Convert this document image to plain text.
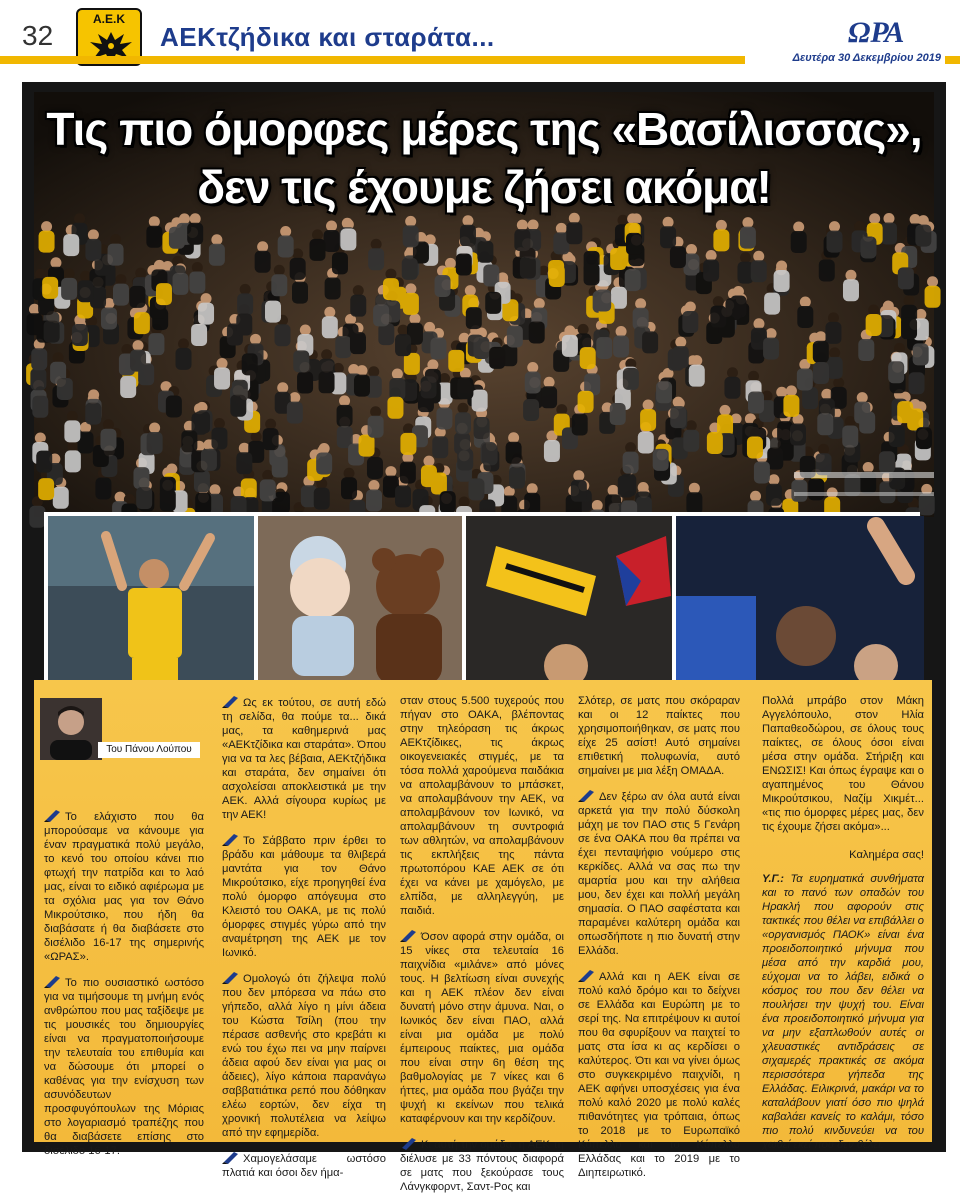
32
Α.Ε.Κ
ΑΕΚτζήδικα και σταράτα...	ΩΡΑ
Δευτέρα 30 Δεκεμβρίου 2019
Τις πιο όμορφες μέρες της «Βασίλισσας»,
δεν τις έχουμε ζήσει ακόμα!
Του Πάνου Λούπου

Το ελάχιστο που θα μπορούσαμε να κάνουμε για έναν πραγματικά πολύ μεγάλο, το κενό του οποίου κάνει πιο φτωχή την πατρίδα και το λαό μας, είναι το ειδικό αφιέρωμα με τα σχόλια μας για τον Θάνο Μικρούτσικο, που ήδη θα διαβάσατε ή θα διαβάσετε στο δισέλιδο 16-17 της σημερινής «ΩΡΑΣ».

Το πιο ουσιαστικό ωστόσο για να τιμήσουμε τη μνήμη ενός ανθρώπου που μας ταξίδεψε με τις μουσικές του δημιουργίες είναι να πραγματοποιήσουμε την τελευταία του επιθυμία και να δώσουμε ότι μπορεί ο καθένας για την ενίσχυση των ασυνόδευτων προσφυγόπουλων της Μόριας στο λογαριασμό τραπέζης που θα διαβάσετε επίσης στο δισέλιδο 16-17.

Ως εκ τούτου, σε αυτή εδώ τη σελίδα, θα πούμε τα... δικά μας, τα καθημερινά μας «ΑΕΚτζίδικα και σταράτα». Όπου για να τα λες βέβαια, ΑΕΚτζήδικα και σταράτα, δεν σημαίνει ότι ασχολείσαι αποκλειστικά με την ΑΕΚ. Αλλά σίγουρα κυρίως με την ΑΕΚ!

Το Σάββατο πριν έρθει το βράδυ και μάθουμε τα θλιβερά μαντάτα για τον Θάνο Μικρούτσικο, είχε προηγηθεί ένα πολύ όμορφο απόγευμα στο Κλειστό του ΟΑΚΑ, με τις πολύ όμορφες στιγμές γύρω από την αναμέτρηση της ΑΕΚ με τον Ιωνικό.

Ομολογώ ότι ζήλεψα πολύ που δεν μπόρεσα να πάω στο γήπεδο, αλλά λίγο η μίνι άδεια του Κώστα Τσίλη (που την πέρασε ασθενής στο κρεβάτι κι ενώ του έχω πει να μην παίρνει άδεια αφού δεν είναι για μας οι άδειες), λίγο κάποια παρανάγω σαββατιάτικα ρεπό που δόθηκαν ελέω εορτών, δεν είχα τη χρονική πολυτέλεια να λείψω από την εφημερίδα.

Χαμογελάσαμε ωστόσο πλατιά και όσοι δεν ήμα-

σταν στους 5.500 τυχερούς που πήγαν στο ΟΑΚΑ, βλέποντας στην τηλεόραση τις άκρως ΑΕΚτζίδικες, τις άκρως οικογενειακές στιγμές, με τα τόσα πολλά χαρούμενα παιδάκια να απολαμβάνουν το μπάσκετ, να απολαμβάνουν την ΑΕΚ, να απολαμβάνουν τον Ιωνικό, να απολαμβάνουν τη συντροφιά των αθλητών, να απολαμβάνουν τις εκπλήξεις της πάντα πρωτοπόρου ΚΑΕ ΑΕΚ σε ότι έχει να κάνει με χαμόγελο, με ελπίδα, με αλληλεγγύη, με παιδιά.

Όσον αφορά στην ομάδα, οι 15 νίκες στα τελευταία 16 παιχνίδια «μιλάνε» από μόνες τους. Η βελτίωση είναι συνεχής και η ΑΕΚ πλέον δεν είναι δυνατή μόνο στην άμυνα. Ναι, ο Ιωνικός δεν είναι ΠΑΟ, αλλά είναι μια ομάδα με πολύ έμπειρους παίκτες, μια ομάδα που είναι στην 6η θέση της βαθμολογίας με 7 νίκες και 6 ήττες, μια ομάδα που βγάζει την ψυχή κι εκείνων που τελικά καταφέρνουν και την κερδίζουν.

Κι αυτή την ομάδα, η ΑΕΚ τη διέλυσε με 33 πόντους διαφορά σε ματς που ξεκούρασε τους Λάνγκφορντ, Σαντ-Ρος και

Σλότερ, σε ματς που σκόραραν και οι 12 παίκτες που χρησιμοποιήθηκαν, σε ματς που είχε 25 ασίστ! Αυτό σημαίνει επιθετική πολυφωνία, αυτό σημαίνει με μια λέξη ΟΜΑΔΑ.

Δεν ξέρω αν όλα αυτά είναι αρκετά για την πολύ δύσκολη μάχη με τον ΠΑΟ στις 5 Γενάρη σε ένα ΟΑΚΑ που θα πρέπει να έχει πενταψήφιο νούμερο στις κερκίδες. Αλλά να σας πω την αμαρτία μου και την αλήθεια μου, δεν έχει και πολλή μεγάλη σημασία. Ο ΠΑΟ σαφέστατα και παραμένει καλύτερη ομάδα και οπωσδήποτε η πιο δυνατή στην Ελλάδα.

Αλλά και η ΑΕΚ είναι σε πολύ καλό δρόμο και το δείχνει σε Ελλάδα και Ευρώπη με το σερί της. Να επιτρέψουν κι αυτοί που θα σφυρίξουν να παιχτεί το ματς στα ίσα κι ας κερδίσει ο καλύτερος. Ότι και να γίνει όμως στο συγκεκριμένο παιχνίδι, η ΑΕΚ αφήνει υποσχέσεις για ένα πολύ καλό 2020 με πολύ καλές πιθανότητες για τρόπαια, όπως το 2018 με το Ευρωπαϊκό Κύπελλο και το Κύπελλο Ελλάδας και το 2019 με το Διηπειρωτικό.

Πολλά μπράβο στον Μάκη Αγγελόπουλο, στον Ηλία Παπαθεοδώρου, σε όλους τους παίκτες, σε όλους όσοι είναι μέσα στην ομάδα. Στήριξη και ΕΝΩΣΙΣ! Και όπως έγραψε και ο αγαπημένος του Θάνου Μικρούτσικου, Ναζίμ Χικμέτ... «τις πιο όμορφες μέρες μας, δεν τις έχουμε ζήσει ακόμα»...

Καλημέρα σας!

Υ.Γ.: Τα ευρηματικά συνθήματα και το πανό των οπαδών του Ηρακλή που αφορούν στις τακτικές που θέλει να επιβάλλει ο «οργανισμός ΠΑΟΚ» είναι ένα προειδοποιητικό μήνυμα που μέσα από την καρδιά μου, εύχομαι να το λάβει, ειδικά ο κόσμος του που δεν θέλει να πουλήσει την ψυχή του. Είναι ένα προειδοποιητικό μήνυμα για να μην εξαπλωθούν αυτές οι χλευαστικές αντιδράσεις σε σιχαμερές πρακτικές σε ακόμα περισσότερα γήπεδα της Ελλάδας. Ειλικρινά, μακάρι να το καταλάβουν γιατί όσο πιο ψηλά καβαλάει κανείς το καλάμι, τόσο πιο πολύ κινδυνεύει να του χωθεί εκεί που δεν θέλει.
